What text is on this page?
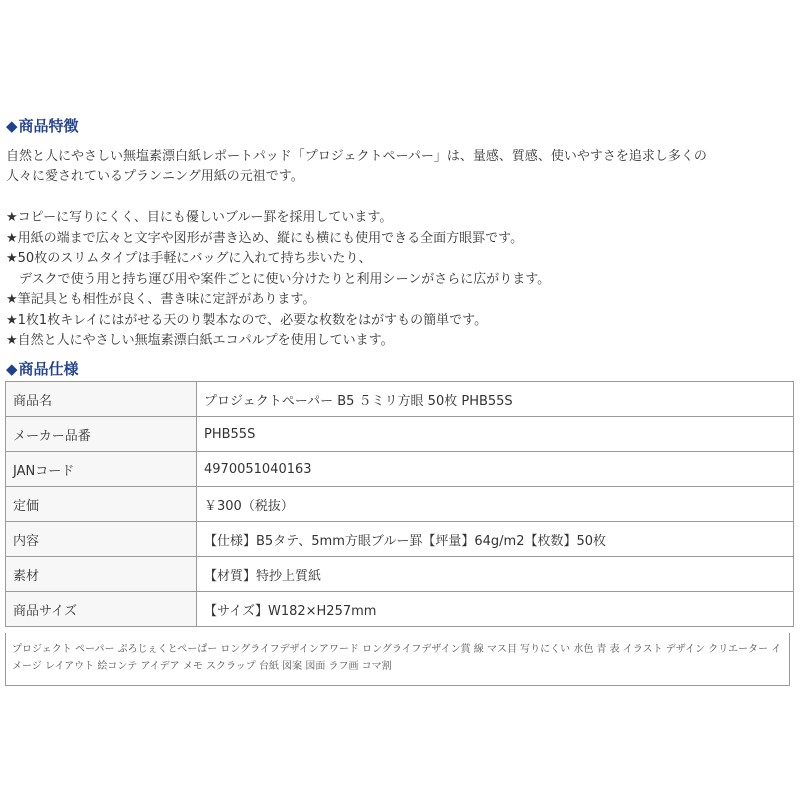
◆商品特徴

自然と人にやさしい無塩素漂白紙レポートパッド「プロジェクトペーパー」は、量感、質感、使いやすさを追求し多くの

人々に愛されているプランニング用紙の元祖です。

★コピーに写りにくく、目にも優しいブルー罫を採用しています。
★用紙の端まで広々と文字や図形が書き込め、縦にも横にも使用できる全面方眼罫です。
★50枚のスリムタイプは手軽にバッグに入れて持ち歩いたり、
デスクで使う用と持ち運び用や案件ごとに使い分けたりと利用シーンがさらに広がります。
★筆記具とも相性が良く、書き味に定評があります。
★1枚1枚キレイにはがせる天のり製本なので、必要な枚数をはがすもの簡単です。
★自然と人にやさしい無塩素漂白紙エコパルプを使用しています。
◆商品仕様
商品名	プロジェクトペーパー B5 ５ミリ方眼 50枚 PHB55S
メーカー品番	PHB55S
JANコード	4970051040163
定価	￥300（税抜）
内容	【仕様】B5タテ、5mm方眼ブルー罫【坪量】64g/m2【枚数】50枚
素材	【材質】特抄上質紙
商品サイズ	【サイズ】W182×H257mm
プロジェクト ペーパー ぷろじぇくとぺーぱー ロングライフデザインアワード ロングライフデザイン賞 線 マス目 写りにくい 水色 青 表 イラスト デザイン クリエーター イメージ レイアウト 絵コンテ アイデア メモ スクラップ 台紙 図案 図面 ラフ画 コマ割
